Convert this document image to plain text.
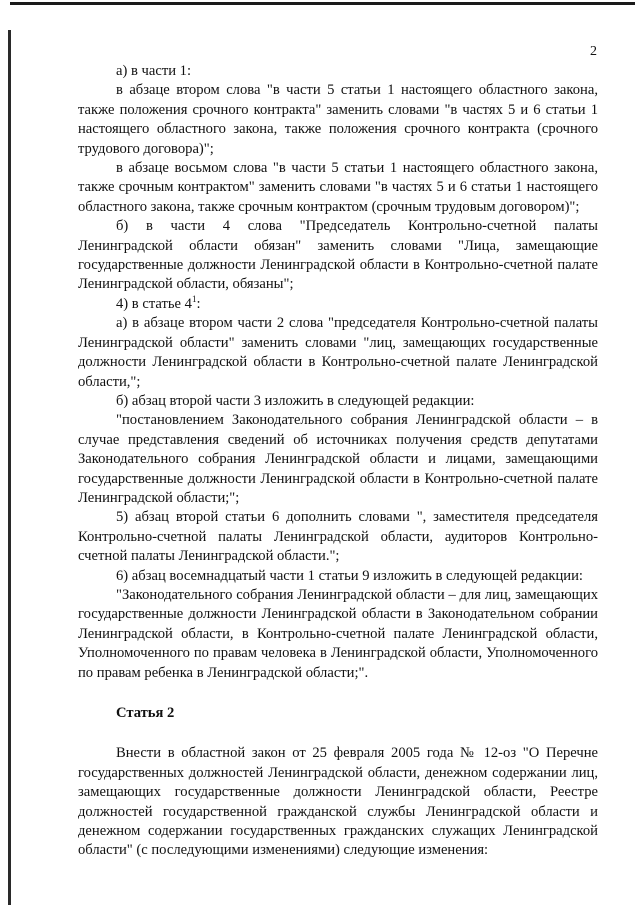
2

а) в части 1:

в абзаце втором слова "в части 5 статьи 1 настоящего областного закона, также положения срочного контракта" заменить словами "в частях 5 и 6 статьи 1 настоящего областного закона, также положения срочного контракта (срочного трудового договора)";

в абзаце восьмом слова "в части 5 статьи 1 настоящего областного закона, также срочным контрактом" заменить словами "в частях 5 и 6 статьи 1 настоящего областного закона, также срочным контрактом (срочным трудовым договором)";

б) в части 4 слова "Председатель Контрольно-счетной палаты Ленинградской области обязан" заменить словами "Лица, замещающие государственные должности Ленинградской области в Контрольно-счетной палате Ленинградской области, обязаны";

4) в статье $4^1$:

а) в абзаце втором части 2 слова "председателя Контрольно-счетной палаты Ленинградской области" заменить словами "лиц, замещающих государственные должности Ленинградской области в Контрольно-счетной палате Ленинградской области,";

б) абзац второй части 3 изложить в следующей редакции:

"постановлением Законодательного собрания Ленинградской области – в случае представления сведений об источниках получения средств депутатами Законодательного собрания Ленинградской области и лицами, замещающими государственные должности Ленинградской области в Контрольно-счетной палате Ленинградской области;";

5) абзац второй статьи 6 дополнить словами ", заместителя председателя Контрольно-счетной палаты Ленинградской области, аудиторов Контрольно-счетной палаты Ленинградской области.";

6) абзац восемнадцатый части 1 статьи 9 изложить в следующей редакции:

"Законодательного собрания Ленинградской области – для лиц, замещающих государственные должности Ленинградской области в Законодательном собрании Ленинградской области, в Контрольно-счетной палате Ленинградской области, Уполномоченного по правам человека в Ленинградской области, Уполномоченного по правам ребенка в Ленинградской области;".

Статья 2

Внести в областной закон от 25 февраля 2005 года № 12-оз "О Перечне государственных должностей Ленинградской области, денежном содержании лиц, замещающих государственные должности Ленинградской области, Реестре должностей государственной гражданской службы Ленинградской области и денежном содержании государственных гражданских служащих Ленинградской области" (с последующими изменениями) следующие изменения:
